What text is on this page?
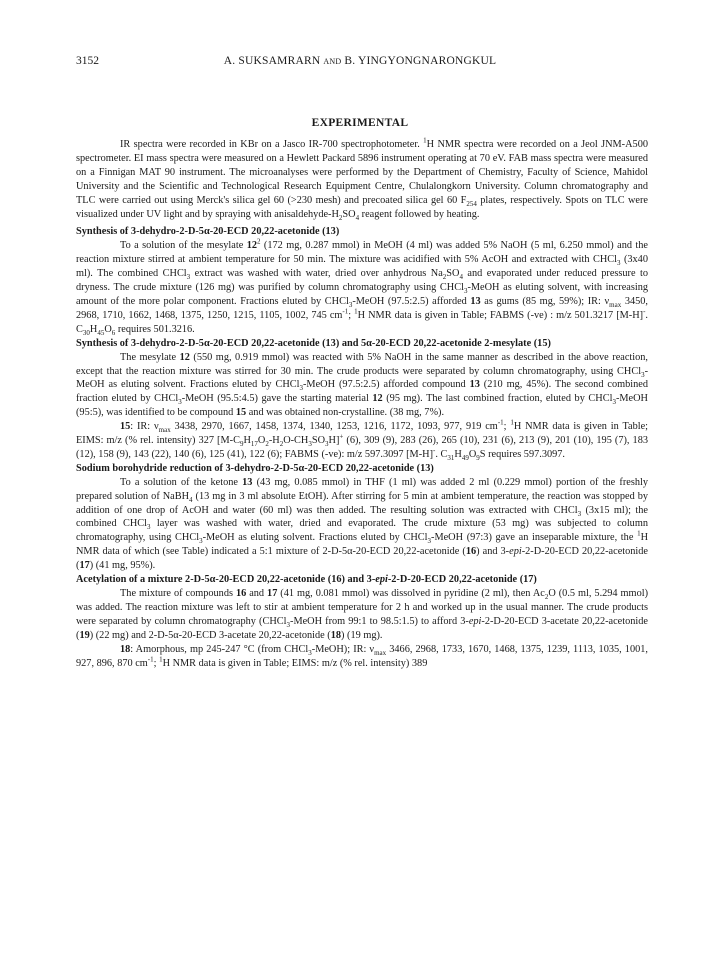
3152	A. SUKSAMRARN and B. YINGYONGNARONGKUL
EXPERIMENTAL

IR spectra were recorded in KBr on a Jasco IR-700 spectrophotometer. $^1$H NMR spectra were recorded on a Jeol JNM-A500 spectrometer. EI mass spectra were measured on a Hewlett Packard 5896 instrument operating at 70 eV. FAB mass spectra were measured on a Finnigan MAT 90 instrument. The microanalyses were performed by the Department of Chemistry, Faculty of Science, Mahidol University and the Scientific and Technological Research Equipment Centre, Chulalongkorn University. Column chromatography and TLC were carried out using Merck's silica gel 60 (>230 mesh) and precoated silica gel 60 $F_{254}$ plates, respectively. Spots on TLC were visualized under UV light and by spraying with anisaldehyde-$H_2SO_4$ reagent followed by heating.

Synthesis of 3-dehydro-2-D-5α-20-ECD 20,22-acetonide (13)

To a solution of the mesylate $12^2$ (172 mg, 0.287 mmol) in MeOH (4 ml) was added 5% NaOH (5 ml, 6.250 mmol) and the reaction mixture stirred at ambient temperature for 50 min. The mixture was acidified with 5% AcOH and extracted with CHCl$_3$ (3x40 ml). The combined CHCl$_3$ extract was washed with water, dried over anhydrous $Na_2SO_4$ and evaporated under reduced pressure to dryness. The crude mixture (126 mg) was purified by column chromatography using CHCl$_3$-MeOH as eluting solvent, with increasing amount of the more polar component. Fractions eluted by CHCl$_3$-MeOH (97.5:2.5) afforded 13 as gums (85 mg, 59%); IR: $\nu_{max}$ 3450, 2968, 1710, 1662, 1468, 1375, 1250, 1215, 1105, 1002, 745 $cm^{-1}$; $^1$H NMR data is given in Table; FABMS (-ve) : m/z 501.3217 [M-H]-. $C_{30}H_{45}O_6$ requires 501.3216.

Synthesis of 3-dehydro-2-D-5α-20-ECD 20,22-acetonide (13) and 5α-20-ECD 20,22-acetonide 2-mesylate (15)

The mesylate 12 (550 mg, 0.919 mmol) was reacted with 5% NaOH in the same manner as described in the above reaction, except that the reaction mixture was stirred for 30 min. The crude products were separated by column chromatography, using CHCl$_3$-MeOH as eluting solvent. Fractions eluted by CHCl$_3$-MeOH (97.5:2.5) afforded compound 13 (210 mg, 45%). The second combined fraction eluted by CHCl$_3$-MeOH (95.5:4.5) gave the starting material 12 (95 mg). The last combined fraction, eluted by CHCl$_3$-MeOH (95:5), was identified to be compound 15 and was obtained non-crystalline. (38 mg, 7%).

15: IR: $\nu_{max}$ 3438, 2970, 1667, 1458, 1374, 1340, 1253, 1216, 1172, 1093, 977, 919 $cm^{-1}$; $^1$H NMR data is given in Table; EIMS: m/z (% rel. intensity) 327 $[M-C_9H_{17}O_2-H_2O-CH_3SO_3H]^+$ (6), 309 (9), 283 (26), 265 (10), 231 (6), 213 (9), 201 (10), 195 (7), 183 (12), 158 (9), 143 (22), 140 (6), 125 (41), 122 (6); FABMS (-ve): m/z 597.3097 [M-H]-. $C_{31}H_{49}O_9S$ requires 597.3097.

Sodium borohydride reduction of 3-dehydro-2-D-5α-20-ECD 20,22-acetonide (13)

To a solution of the ketone 13 (43 mg, 0.085 mmol) in THF (1 ml) was added 2 ml (0.229 mmol) portion of the freshly prepared solution of NaBH$_4$ (13 mg in 3 ml absolute EtOH). After stirring for 5 min at ambient temperature, the reaction was stopped by addition of one drop of AcOH and water (60 ml) was then added. The resulting solution was extracted with CHCl$_3$ (3x15 ml); the combined CHCl$_3$ layer was washed with water, dried and evaporated. The crude mixture (53 mg) was subjected to column chromatography, using CHCl$_3$-MeOH as eluting solvent. Fractions eluted by CHCl$_3$-MeOH (97:3) gave an inseparable mixture, the $^1$H NMR data of which (see Table) indicated a 5:1 mixture of 2-D-5α-20-ECD 20,22-acetonide (16) and 3-epi-2-D-20-ECD 20,22-acetonide (17) (41 mg, 95%).

Acetylation of a mixture 2-D-5α-20-ECD 20,22-acetonide (16) and 3-epi-2-D-20-ECD 20,22-acetonide (17)

The mixture of compounds 16 and 17 (41 mg, 0.081 mmol) was dissolved in pyridine (2 ml), then $Ac_2O$ (0.5 ml, 5.294 mmol) was added. The reaction mixture was left to stir at ambient temperature for 2 h and worked up in the usual manner. The crude products were separated by column chromatography (CHCl$_3$-MeOH from 99:1 to 98.5:1.5) to afford 3-epi-2-D-20-ECD 3-acetate 20,22-acetonide (19) (22 mg) and 2-D-5α-20-ECD 3-acetate 20,22-acetonide (18) (19 mg).

18: Amorphous, mp 245-247 °C (from CHCl$_3$-MeOH); IR: $\nu_{max}$ 3466, 2968, 1733, 1670, 1468, 1375, 1239, 1113, 1035, 1001, 927, 896, 870 $cm^{-1}$; $^1$H NMR data is given in Table; EIMS: m/z (% rel. intensity) 389
